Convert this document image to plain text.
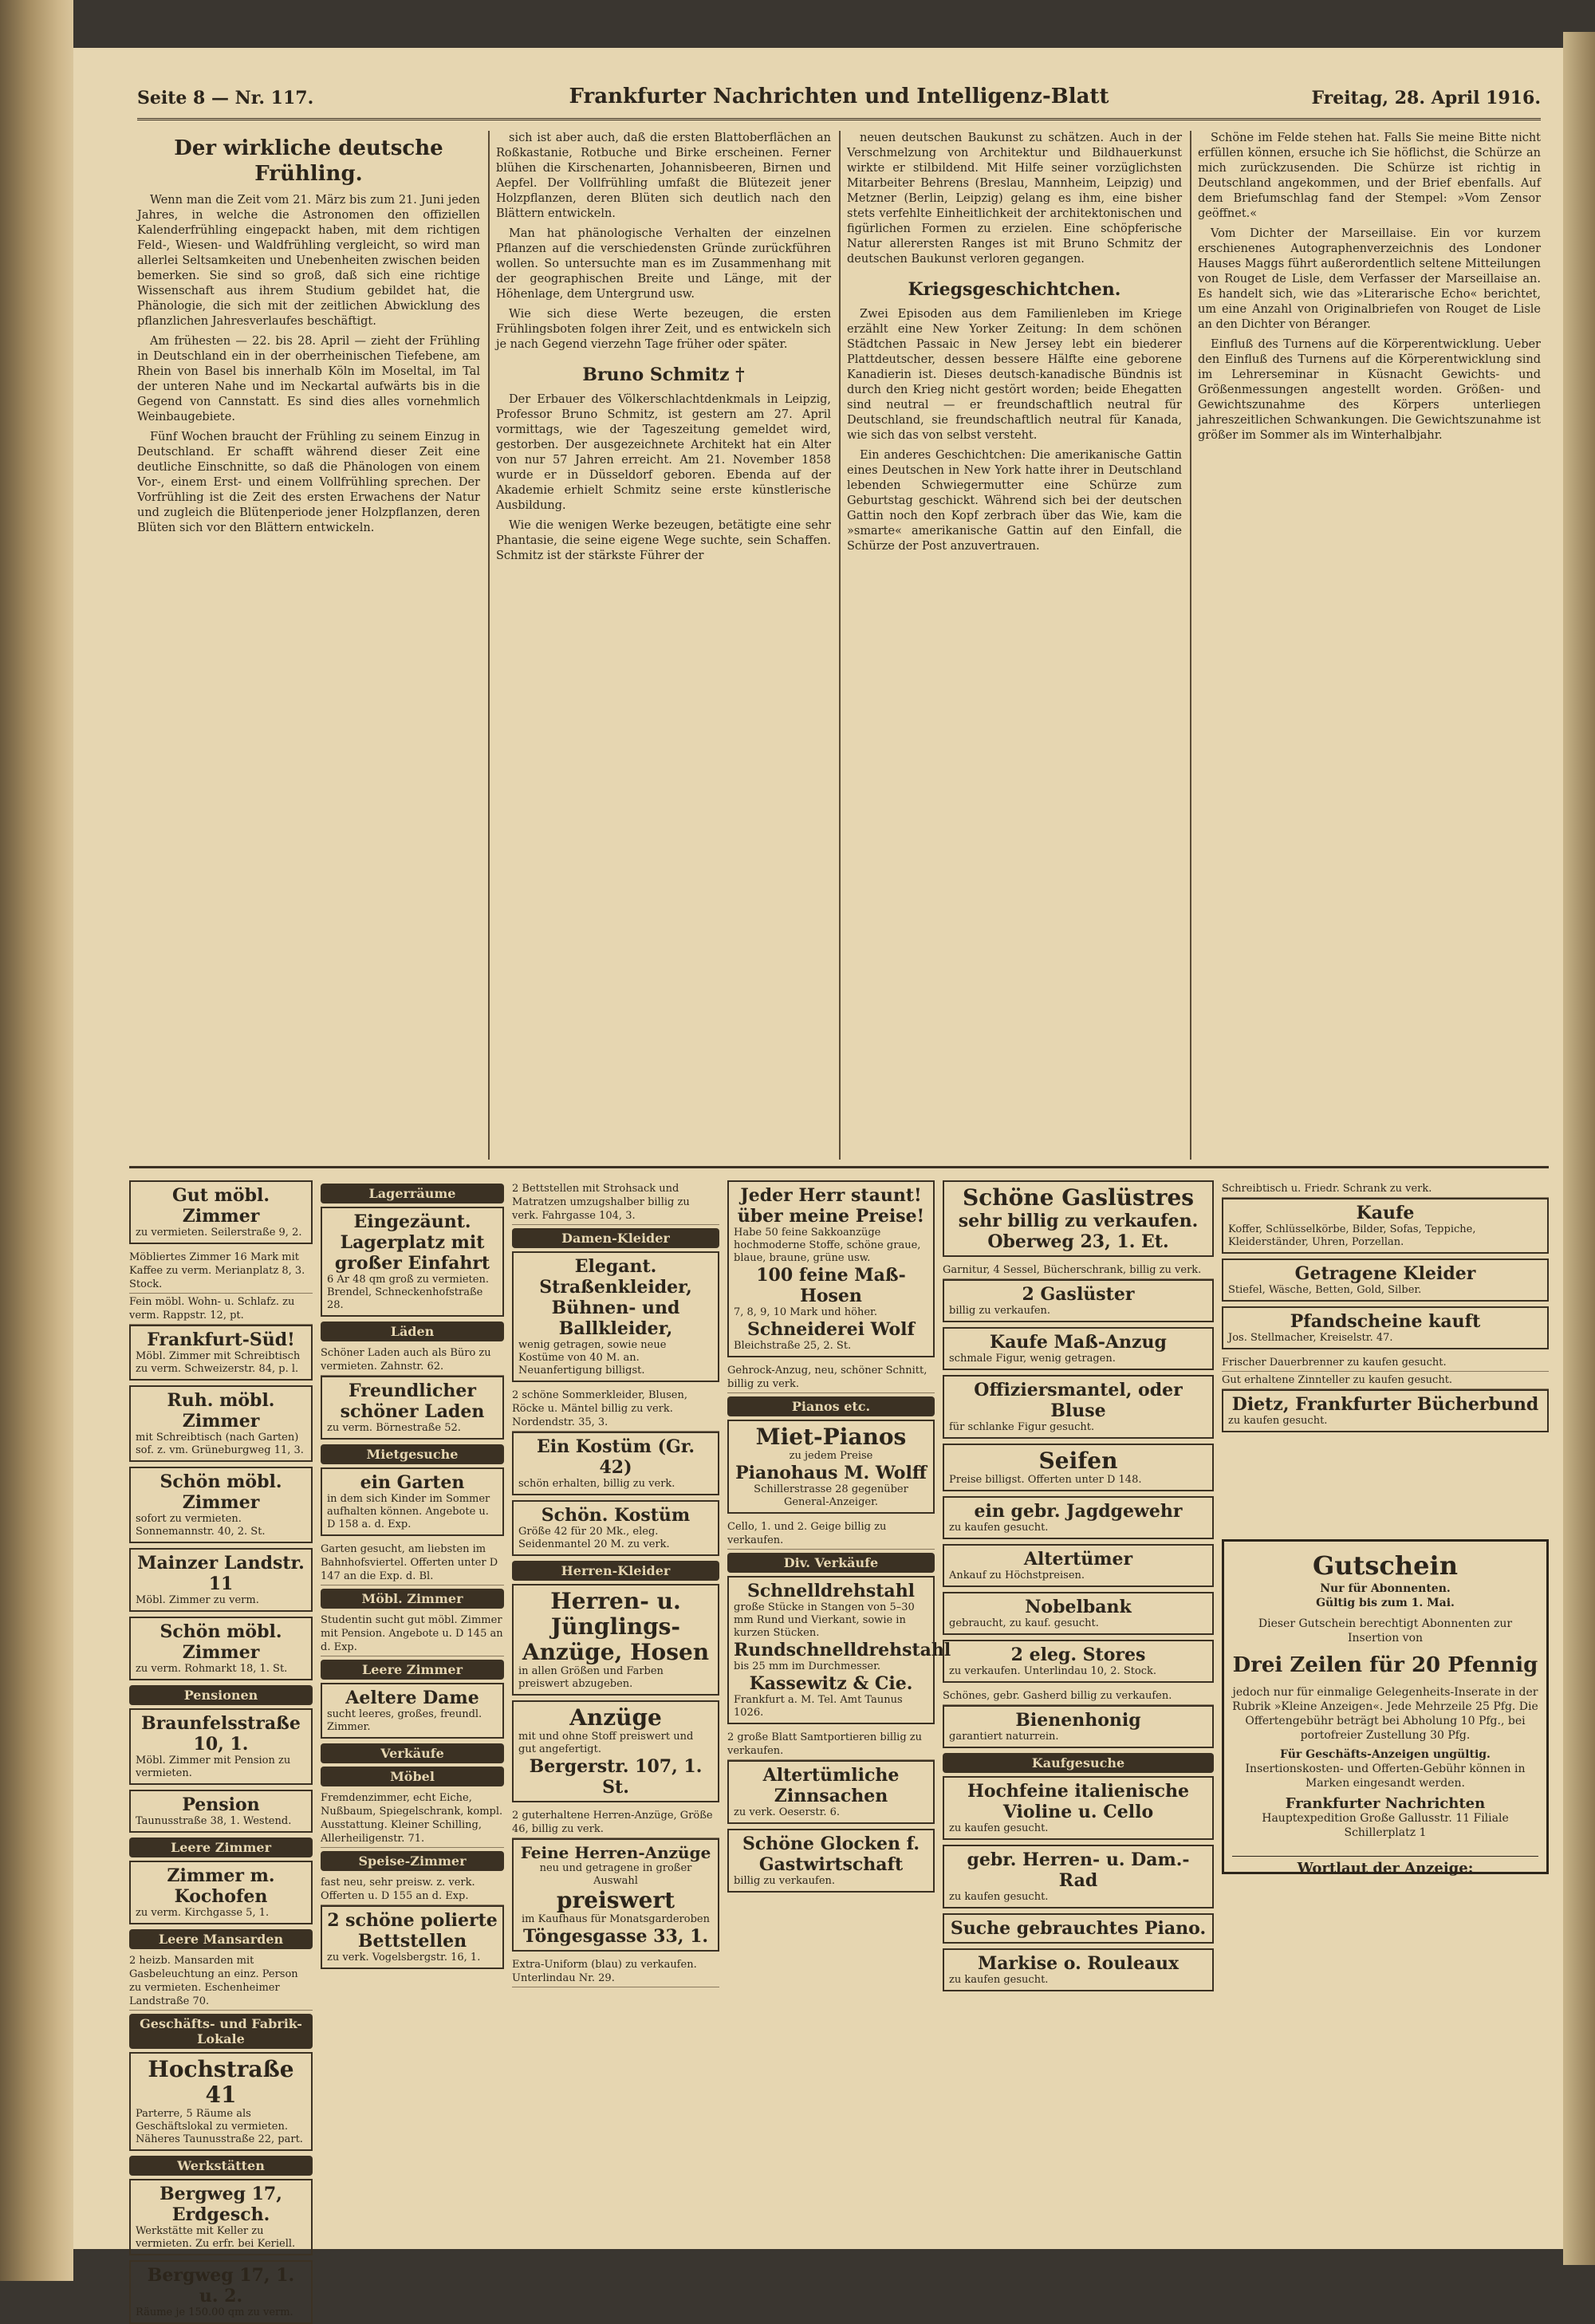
Seite 8 — Nr. 117.	Frankfurter Nachrichten und Intelligenz-Blatt	Freitag, 28. April 1916.
Der wirkliche deutsche Frühling.

Wenn man die Zeit vom 21. März bis zum 21. Juni jeden Jahres, in welche die Astronomen den offiziellen Kalenderfrühling eingepackt haben, mit dem richtigen Feld-, Wiesen- und Waldfrühling vergleicht, so wird man allerlei Seltsamkeiten und Unebenheiten zwischen beiden bemerken. Sie sind so groß, daß sich eine richtige Wissenschaft aus ihrem Studium gebildet hat, die Phänologie, die sich mit der zeitlichen Abwicklung des pflanzlichen Jahresverlaufes beschäftigt.

Am frühesten — 22. bis 28. April — zieht der Frühling in Deutschland ein in der oberrheinischen Tiefebene, am Rhein von Basel bis innerhalb Köln im Moseltal, im Tal der unteren Nahe und im Neckartal aufwärts bis in die Gegend von Cannstatt. Es sind dies alles vornehmlich Weinbaugebiete.

Fünf Wochen braucht der Frühling zu seinem Einzug in Deutschland. Er schafft während dieser Zeit eine deutliche Einschnitte, so daß die Phänologen von einem Vor-, einem Erst- und einem Vollfrühling sprechen. Der Vorfrühling ist die Zeit des ersten Erwachens der Natur und zugleich die Blütenperiode jener Holzpflanzen, deren Blüten sich vor den Blättern entwickeln.

sich ist aber auch, daß die ersten Blattoberflächen an Roßkastanie, Rotbuche und Birke erscheinen. Ferner blühen die Kirschenarten, Johannisbeeren, Birnen und Aepfel. Der Vollfrühling umfaßt die Blütezeit jener Holzpflanzen, deren Blüten sich deutlich nach den Blättern entwickeln.

Man hat phänologische Verhalten der einzelnen Pflanzen auf die verschiedensten Gründe zurückführen wollen. So untersuchte man es im Zusammenhang mit der geographischen Breite und Länge, mit der Höhenlage, dem Untergrund usw.

Wie sich diese Werte bezeugen, die ersten Frühlingsboten folgen ihrer Zeit, und es entwickeln sich je nach Gegend vierzehn Tage früher oder später.

Bruno Schmitz †

Der Erbauer des Völkerschlachtdenkmals in Leipzig, Professor Bruno Schmitz, ist gestern am 27. April vormittags, wie der Tageszeitung gemeldet wird, gestorben. Der ausgezeichnete Architekt hat ein Alter von nur 57 Jahren erreicht. Am 21. November 1858 wurde er in Düsseldorf geboren. Ebenda auf der Akademie erhielt Schmitz seine erste künstlerische Ausbildung.

Wie die wenigen Werke bezeugen, betätigte eine sehr Phantasie, die seine eigene Wege suchte, sein Schaffen. Schmitz ist der stärkste Führer der

neuen deutschen Baukunst zu schätzen. Auch in der Verschmelzung von Architektur und Bildhauerkunst wirkte er stilbildend. Mit Hilfe seiner vorzüglichsten Mitarbeiter Behrens (Breslau, Mannheim, Leipzig) und Metzner (Berlin, Leipzig) gelang es ihm, eine bisher stets verfehlte Einheitlichkeit der architektonischen und figürlichen Formen zu erzielen. Eine schöpferische Natur allerersten Ranges ist mit Bruno Schmitz der deutschen Baukunst verloren gegangen.

Kriegsgeschichtchen.

Zwei Episoden aus dem Familienleben im Kriege erzählt eine New Yorker Zeitung: In dem schönen Städtchen Passaic in New Jersey lebt ein biederer Plattdeutscher, dessen bessere Hälfte eine geborene Kanadierin ist. Dieses deutsch-kanadische Bündnis ist durch den Krieg nicht gestört worden; beide Ehegatten sind neutral — er freundschaftlich neutral für Deutschland, sie freundschaftlich neutral für Kanada, wie sich das von selbst versteht.

Ein anderes Geschichtchen: Die amerikanische Gattin eines Deutschen in New York hatte ihrer in Deutschland lebenden Schwiegermutter eine Schürze zum Geburtstag geschickt. Während sich bei der deutschen Gattin noch den Kopf zerbrach über das Wie, kam die »smarte« amerikanische Gattin auf den Einfall, die Schürze der Post anzuvertrauen.

Schöne im Felde stehen hat. Falls Sie meine Bitte nicht erfüllen können, ersuche ich Sie höflichst, die Schürze an mich zurückzusenden. Die Schürze ist richtig in Deutschland angekommen, und der Brief ebenfalls. Auf dem Briefumschlag fand der Stempel: »Vom Zensor geöffnet.«

Vom Dichter der Marseillaise. Ein vor kurzem erschienenes Autographenverzeichnis des Londoner Hauses Maggs führt außerordentlich seltene Mitteilungen von Rouget de Lisle, dem Verfasser der Marseillaise an. Es handelt sich, wie das »Literarische Echo« berichtet, um eine Anzahl von Originalbriefen von Rouget de Lisle an den Dichter von Béranger.

Einfluß des Turnens auf die Körperentwicklung. Ueber den Einfluß des Turnens auf die Körperentwicklung sind im Lehrerseminar in Küsnacht Gewichts- und Größenmessungen angestellt worden. Größen- und Gewichtszunahme des Körpers unterliegen jahreszeitlichen Schwankungen. Die Gewichtszunahme ist größer im Sommer als im Winterhalbjahr.

Gut möbl. Zimmer
zu vermieten. Seilerstraße 9, 2.
Möbliertes Zimmer 16 Mark mit Kaffee zu verm. Merianplatz 8, 3. Stock.
Fein möbl. Wohn- u. Schlafz. zu verm. Rappstr. 12, pt.
Frankfurt-Süd!
Möbl. Zimmer mit Schreibtisch zu verm. Schweizerstr. 84, p. l.
Ruh. möbl. Zimmer
mit Schreibtisch (nach Garten) sof. z. vm. Grüneburgweg 11, 3.
Schön möbl. Zimmer
sofort zu vermieten. Sonnemannstr. 40, 2. St.
Mainzer Landstr. 11
Möbl. Zimmer zu verm.
Schön möbl. Zimmer
zu verm. Rohmarkt 18, 1. St.
Pensionen
Braunfelsstraße 10, 1.
Möbl. Zimmer mit Pension zu vermieten.
Pension
Taunusstraße 38, 1. Westend.
Leere Zimmer
Zimmer m. Kochofen
zu verm. Kirchgasse 5, 1.
Leere Mansarden
2 heizb. Mansarden mit Gasbeleuchtung an einz. Person zu vermieten. Eschenheimer Landstraße 70.
Geschäfts- und Fabrik-Lokale
Hochstraße 41
Parterre, 5 Räume als Geschäftslokal zu vermieten. Näheres Taunusstraße 22, part.
Werkstätten
Bergweg 17, Erdgesch.
Werkstätte mit Keller zu vermieten. Zu erfr. bei Keriell.
Bergweg 17, 1. u. 2.
Räume je 150.00 qm zu verm.
Lagerräume
Eingezäunt. Lagerplatz mit großer Einfahrt
6 Ar 48 qm groß zu vermieten. Brendel, Schneckenhofstraße 28.
Läden
Schöner Laden auch als Büro zu vermieten. Zahnstr. 62.
Freundlicher schöner Laden
zu verm. Börnestraße 52.
Mietgesuche
ein Garten
in dem sich Kinder im Sommer aufhalten können. Angebote u. D 158 a. d. Exp.
Garten gesucht, am liebsten im Bahnhofsviertel. Offerten unter D 147 an die Exp. d. Bl.
Möbl. Zimmer
Studentin sucht gut möbl. Zimmer mit Pension. Angebote u. D 145 an d. Exp.
Leere Zimmer
Aeltere Dame
sucht leeres, großes, freundl. Zimmer.
Verkäufe
Möbel
Fremdenzimmer, echt Eiche, Nußbaum, Spiegelschrank, kompl. Ausstattung. Kleiner Schilling, Allerheiligenstr. 71.
Speise-Zimmer
fast neu, sehr preisw. z. verk. Offerten u. D 155 an d. Exp.
2 schöne polierte Bettstellen
zu verk. Vogelsbergstr. 16, 1.
2 Bettstellen mit Strohsack und Matratzen umzugshalber billig zu verk. Fahrgasse 104, 3.
Damen-Kleider
Elegant. Straßenkleider, Bühnen- und Ballkleider,
wenig getragen, sowie neue Kostüme von 40 M. an. Neuanfertigung billigst.
2 schöne Sommerkleider, Blusen, Röcke u. Mäntel billig zu verk. Nordendstr. 35, 3.
Ein Kostüm (Gr. 42)
schön erhalten, billig zu verk.
Schön. Kostüm
Größe 42 für 20 Mk., eleg. Seidenmantel 20 M. zu verk.
Herren-Kleider
Herren- u. Jünglings-Anzüge, Hosen
in allen Größen und Farben preiswert abzugeben.
Anzüge
mit und ohne Stoff preiswert und gut angefertigt.
Bergerstr. 107, 1. St.
2 guterhaltene Herren-Anzüge, Größe 46, billig zu verk.
Feine Herren-Anzüge
neu und getragene in großer Auswahl
preiswert
im Kaufhaus für Monatsgarderoben
Töngesgasse 33, 1.
Extra-Uniform (blau) zu verkaufen. Unterlindau Nr. 29.
Jeder Herr staunt! über meine Preise!
Habe 50 feine Sakkoanzüge hochmoderne Stoffe, schöne graue, blaue, braune, grüne usw.
100 feine Maß-Hosen
7, 8, 9, 10 Mark und höher.
Schneiderei Wolf
Bleichstraße 25, 2. St.
Gehrock-Anzug, neu, schöner Schnitt, billig zu verk.
Pianos etc.
Miet-Pianos
zu jedem Preise
Pianohaus M. Wolff
Schillerstrasse 28 gegenüber General-Anzeiger.
Cello, 1. und 2. Geige billig zu verkaufen.
Div. Verkäufe
Schnelldrehstahl
große Stücke in Stangen von 5–30 mm Rund und Vierkant, sowie in kurzen Stücken.
Rundschnelldrehstahl
bis 25 mm im Durchmesser.
Kassewitz & Cie.
Frankfurt a. M. Tel. Amt Taunus 1026.
2 große Blatt Samtportieren billig zu verkaufen.
Altertümliche Zinnsachen
zu verk. Oeserstr. 6.
Schöne Glocken f. Gastwirtschaft
billig zu verkaufen.
Schöne Gaslüstres
sehr billig zu verkaufen.
Oberweg 23, 1. Et.
Garnitur, 4 Sessel, Bücherschrank, billig zu verk.
2 Gaslüster
billig zu verkaufen.
Kaufe Maß-Anzug
schmale Figur, wenig getragen.
Offiziersmantel, oder Bluse
für schlanke Figur gesucht.
Seifen
Preise billigst. Offerten unter D 148.
ein gebr. Jagdgewehr
zu kaufen gesucht.
Altertümer
Ankauf zu Höchstpreisen.
Nobelbank
gebraucht, zu kauf. gesucht.
2 eleg. Stores
zu verkaufen. Unterlindau 10, 2. Stock.
Schönes, gebr. Gasherd billig zu verkaufen.
Bienenhonig
garantiert naturrein.
Kaufgesuche
Hochfeine italienische Violine u. Cello
zu kaufen gesucht.
gebr. Herren- u. Dam.-Rad
zu kaufen gesucht.
Suche gebrauchtes Piano.
Markise o. Rouleaux
zu kaufen gesucht.
Schreibtisch u. Friedr. Schrank zu verk.
Kaufe
Koffer, Schlüsselkörbe, Bilder, Sofas, Teppiche, Kleiderständer, Uhren, Porzellan.
Getragene Kleider
Stiefel, Wäsche, Betten, Gold, Silber.
Pfandscheine kauft
Jos. Stellmacher, Kreiselstr. 47.
Frischer Dauerbrenner zu kaufen gesucht.
Gut erhaltene Zinnteller zu kaufen gesucht.
Dietz, Frankfurter Bücherbund
zu kaufen gesucht.
Gutschein
Nur für Abonnenten.
Gültig bis zum 1. Mai.
Dieser Gutschein berechtigt Abonnenten zur Insertion von
Drei Zeilen für 20 Pfennig
jedoch nur für einmalige Gelegenheits-Inserate in der Rubrik »Kleine Anzeigen«. Jede Mehrzeile 25 Pfg. Die Offertengebühr beträgt bei Abholung 10 Pfg., bei portofreier Zustellung 30 Pfg.
Für Geschäfts-Anzeigen ungültig.
Insertionskosten- und Offerten-Gebühr können in Marken eingesandt werden.
Frankfurter Nachrichten
Hauptexpedition Große Gallusstr. 11 Filiale Schillerplatz 1
Wortlaut der Anzeige:
